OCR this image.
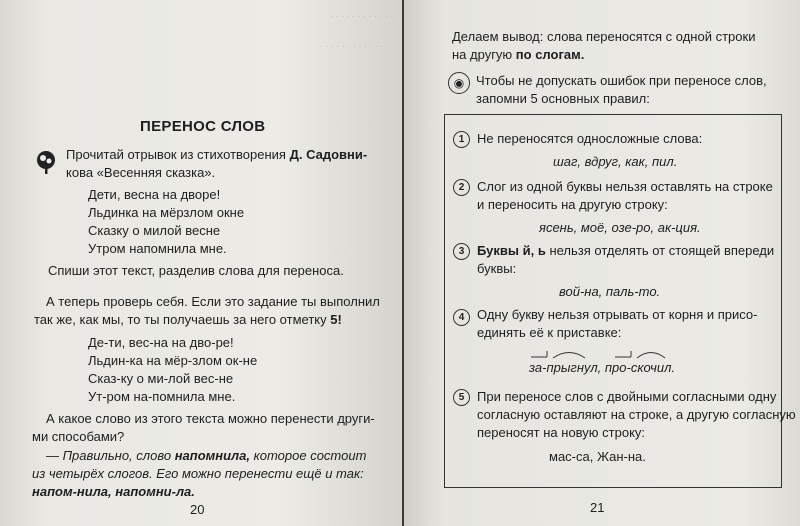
· · · · · · · · · · · ·
· · · · · · · · · · · · ·
ПЕРЕНОС СЛОВ
Прочитай отрывок из стихотворения Д. Садовни-
кова «Весенняя сказка».
Дети, весна на дворе!
Льдинка на мёрзлом окне
Сказку о милой весне
Утром напомнила мне.
Спиши этот текст, разделив слова для переноса.
А теперь проверь себя. Если это задание ты выполнил
так же, как мы, то ты получаешь за него отметку 5!
Де-ти, вес-на на дво-ре!
Льдин-ка на мёр-злом ок-не
Сказ-ку о ми-лой вес-не
Ут-ром на-помнила мне.
А какое слово из этого текста можно перенести други-
ми способами?
— Правильно, слово напомнила, которое состоит
из четырёх слогов. Его можно перенести ещё и так:
напом-нила, напомни-ла.
20
Делаем вывод: слова переносятся с одной строки
на другую по слогам.
◉ Чтобы не допускать ошибок при переносе слов,
запомни 5 основных правил:
1 Не переносятся односложные слова:
шаг, вдруг, как, пил.
2 Слог из одной буквы нельзя оставлять на строке
и переносить на другую строку:
ясень, моё, озе-ро, ак-ция.
3 Буквы й, ь нельзя отделять от стоящей впереди
буквы:
вой-на, паль-то.
4 Одну букву нельзя отрывать от корня и присо-
единять её к приставке:
за-прыгнул, про-скочил.
5 При переносе слов с двойными согласными одну
согласную оставляют на строке, а другую согласную
переносят на новую строку:
мас-са, Жан-на.
21
